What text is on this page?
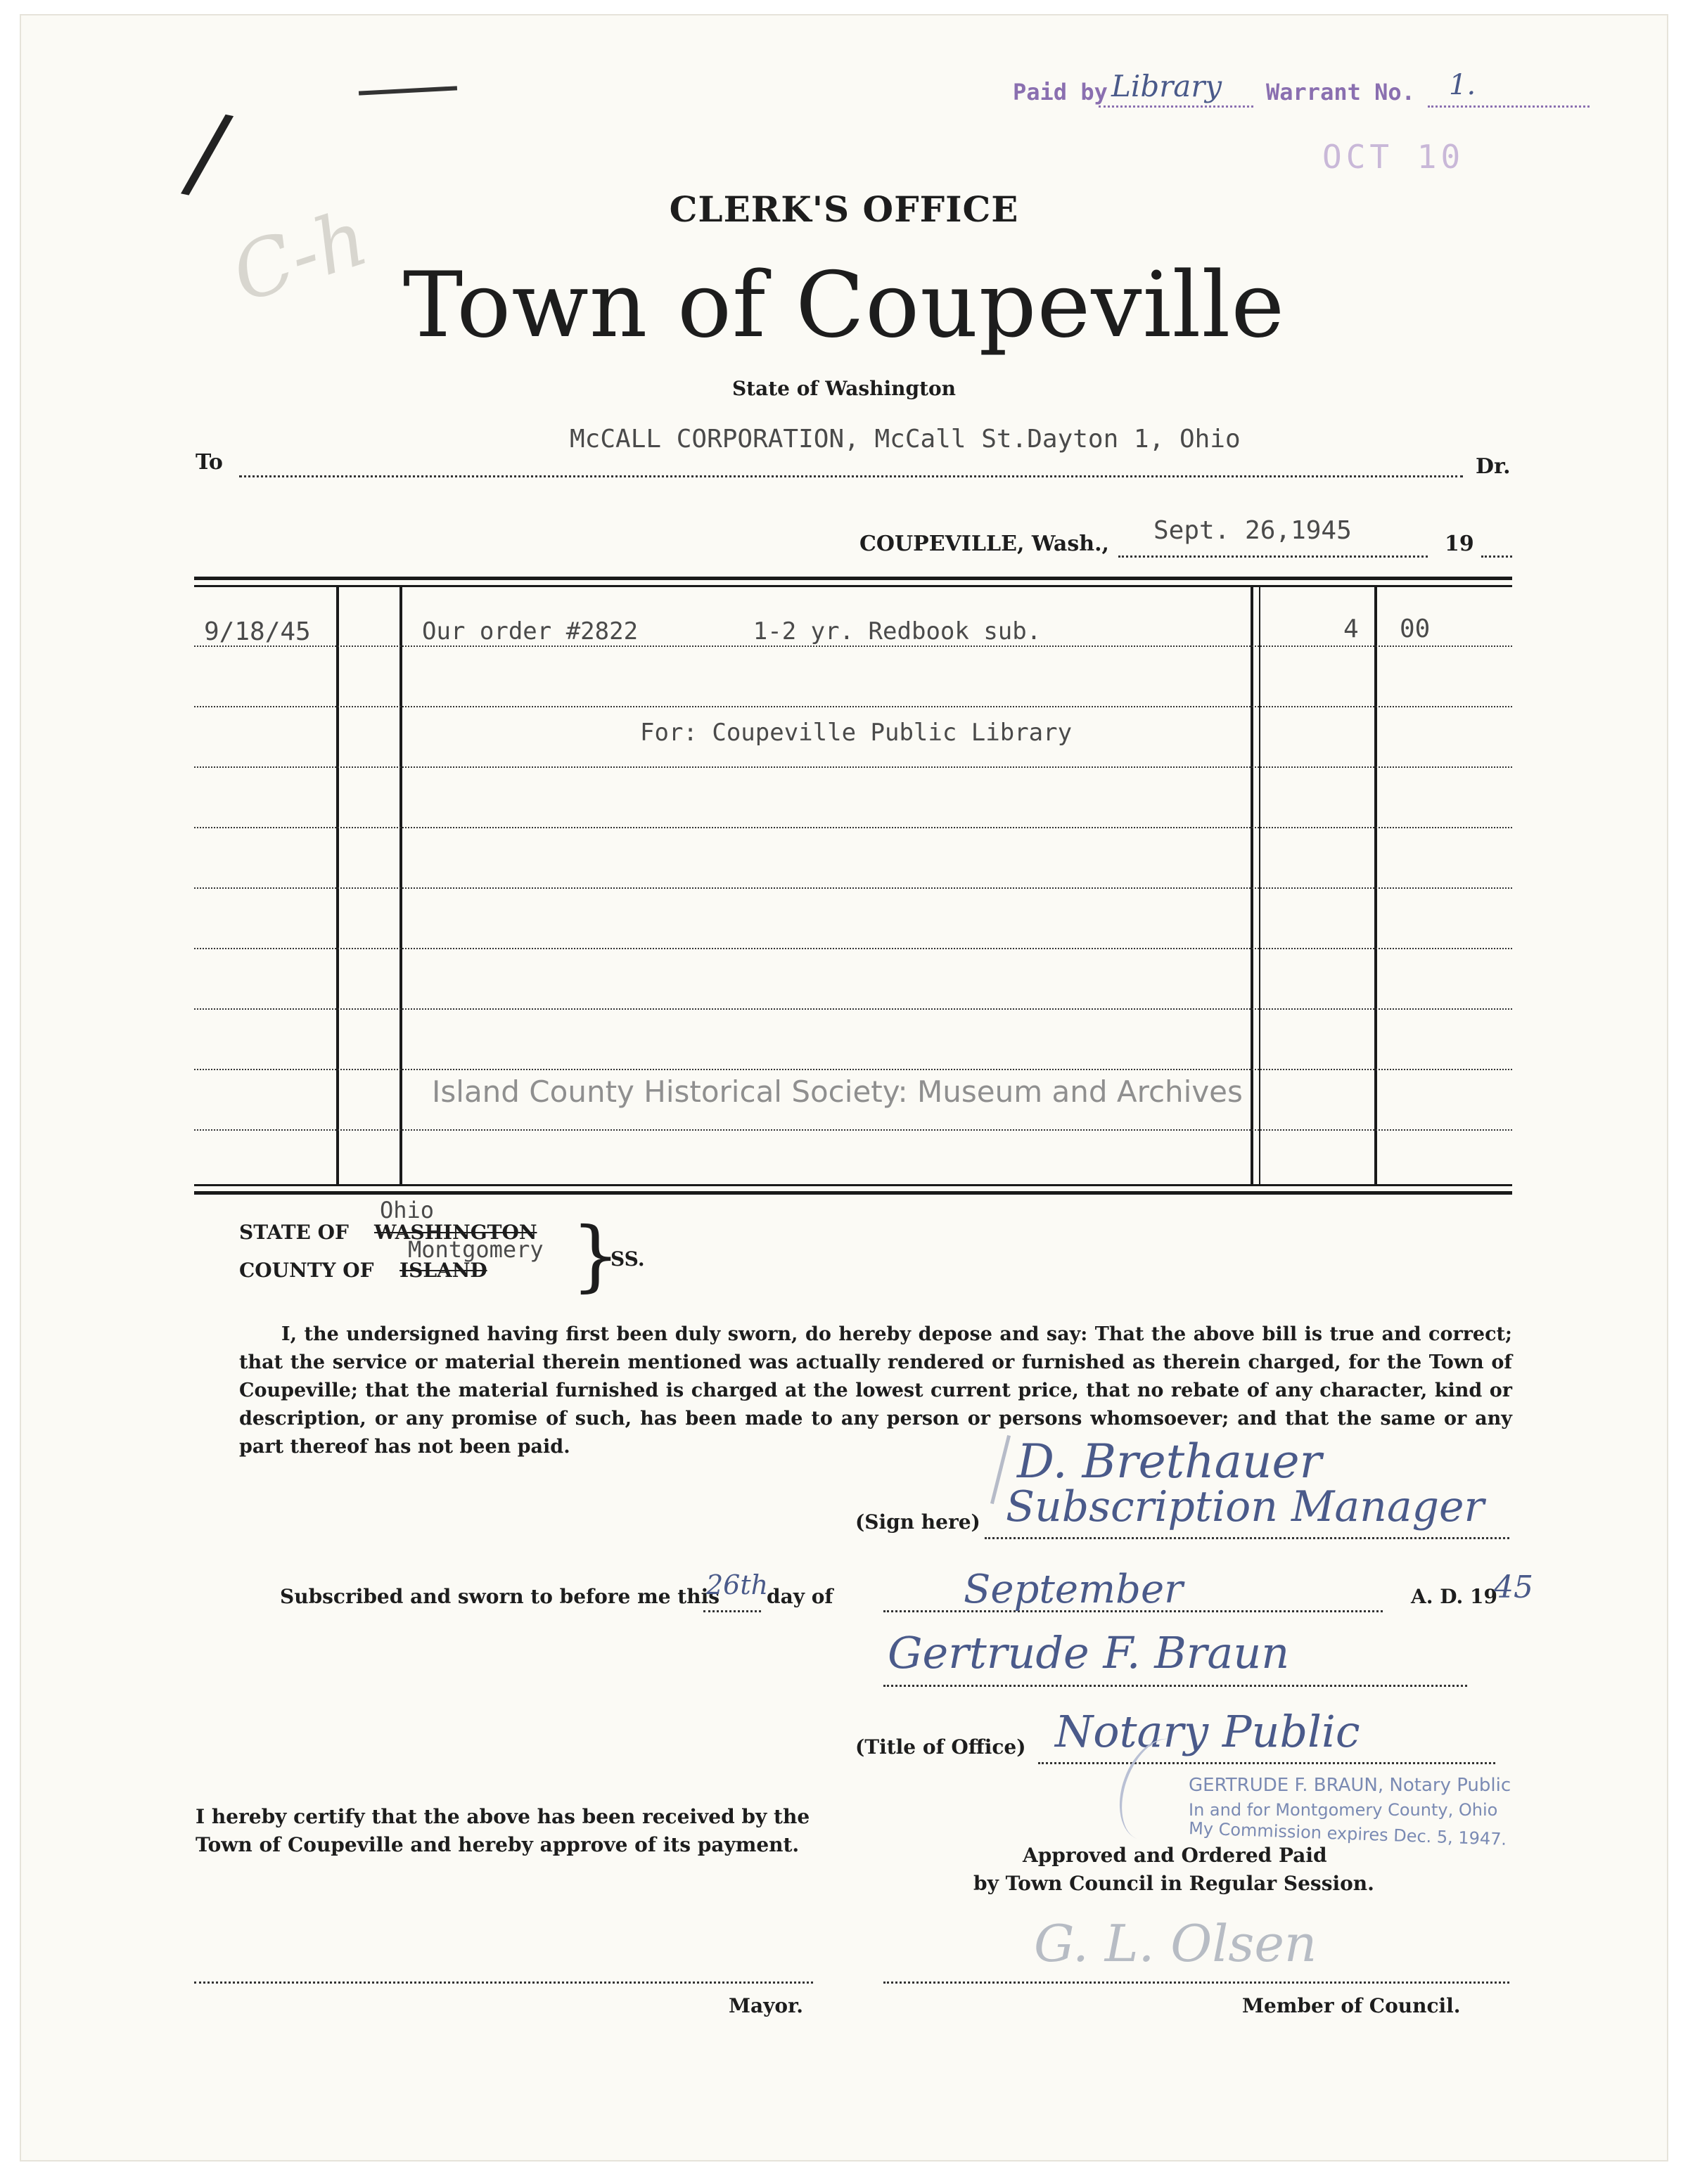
Paid by Library Warrant No. 1.
OCT 10
/
C-h	CLERK'S OFFICE
Town of Coupeville
State of Washington
To
McCALL CORPORATION, McCall St.Dayton 1, Ohio
Dr.
COUPEVILLE, Wash., Sept. 26,1945	19
9/18/45	Our order #2822        1-2 yr. Redbook sub.	4 00
For: Coupeville Public Library
Island County Historical Society: Museum and Archives
STATE OF WASHINGTON
Ohio
COUNTY OF ISLAND
Montgomery }
SS.
I, the undersigned having first been duly sworn, do hereby depose and say: That the above bill is true and correct; that the service or material therein mentioned was actually rendered or furnished as therein charged, for the Town of Coupeville; that the material furnished is charged at the lowest current price, that no rebate of any character, kind or description, or any promise of such, has been made to any person or persons whomsoever; and that the same or any part thereof has not been paid.	D. Brethauer
Subscription Manager
(Sign here)
Subscribed and sworn to before me this
26th
day of	September	A. D. 19
45
Gertrude F. Braun
(Title of Office) Notary Public
GERTRUDE F. BRAUN, Notary Public
In and for Montgomery County, Ohio
My Commission expires Dec. 5, 1947.
I hereby certify that the above has been received by the Town of Coupeville and hereby approve of its payment.	Approved and Ordered Paid
by Town Council in Regular Session.
Mayor.
G. L. Olsen
Member of Council.
